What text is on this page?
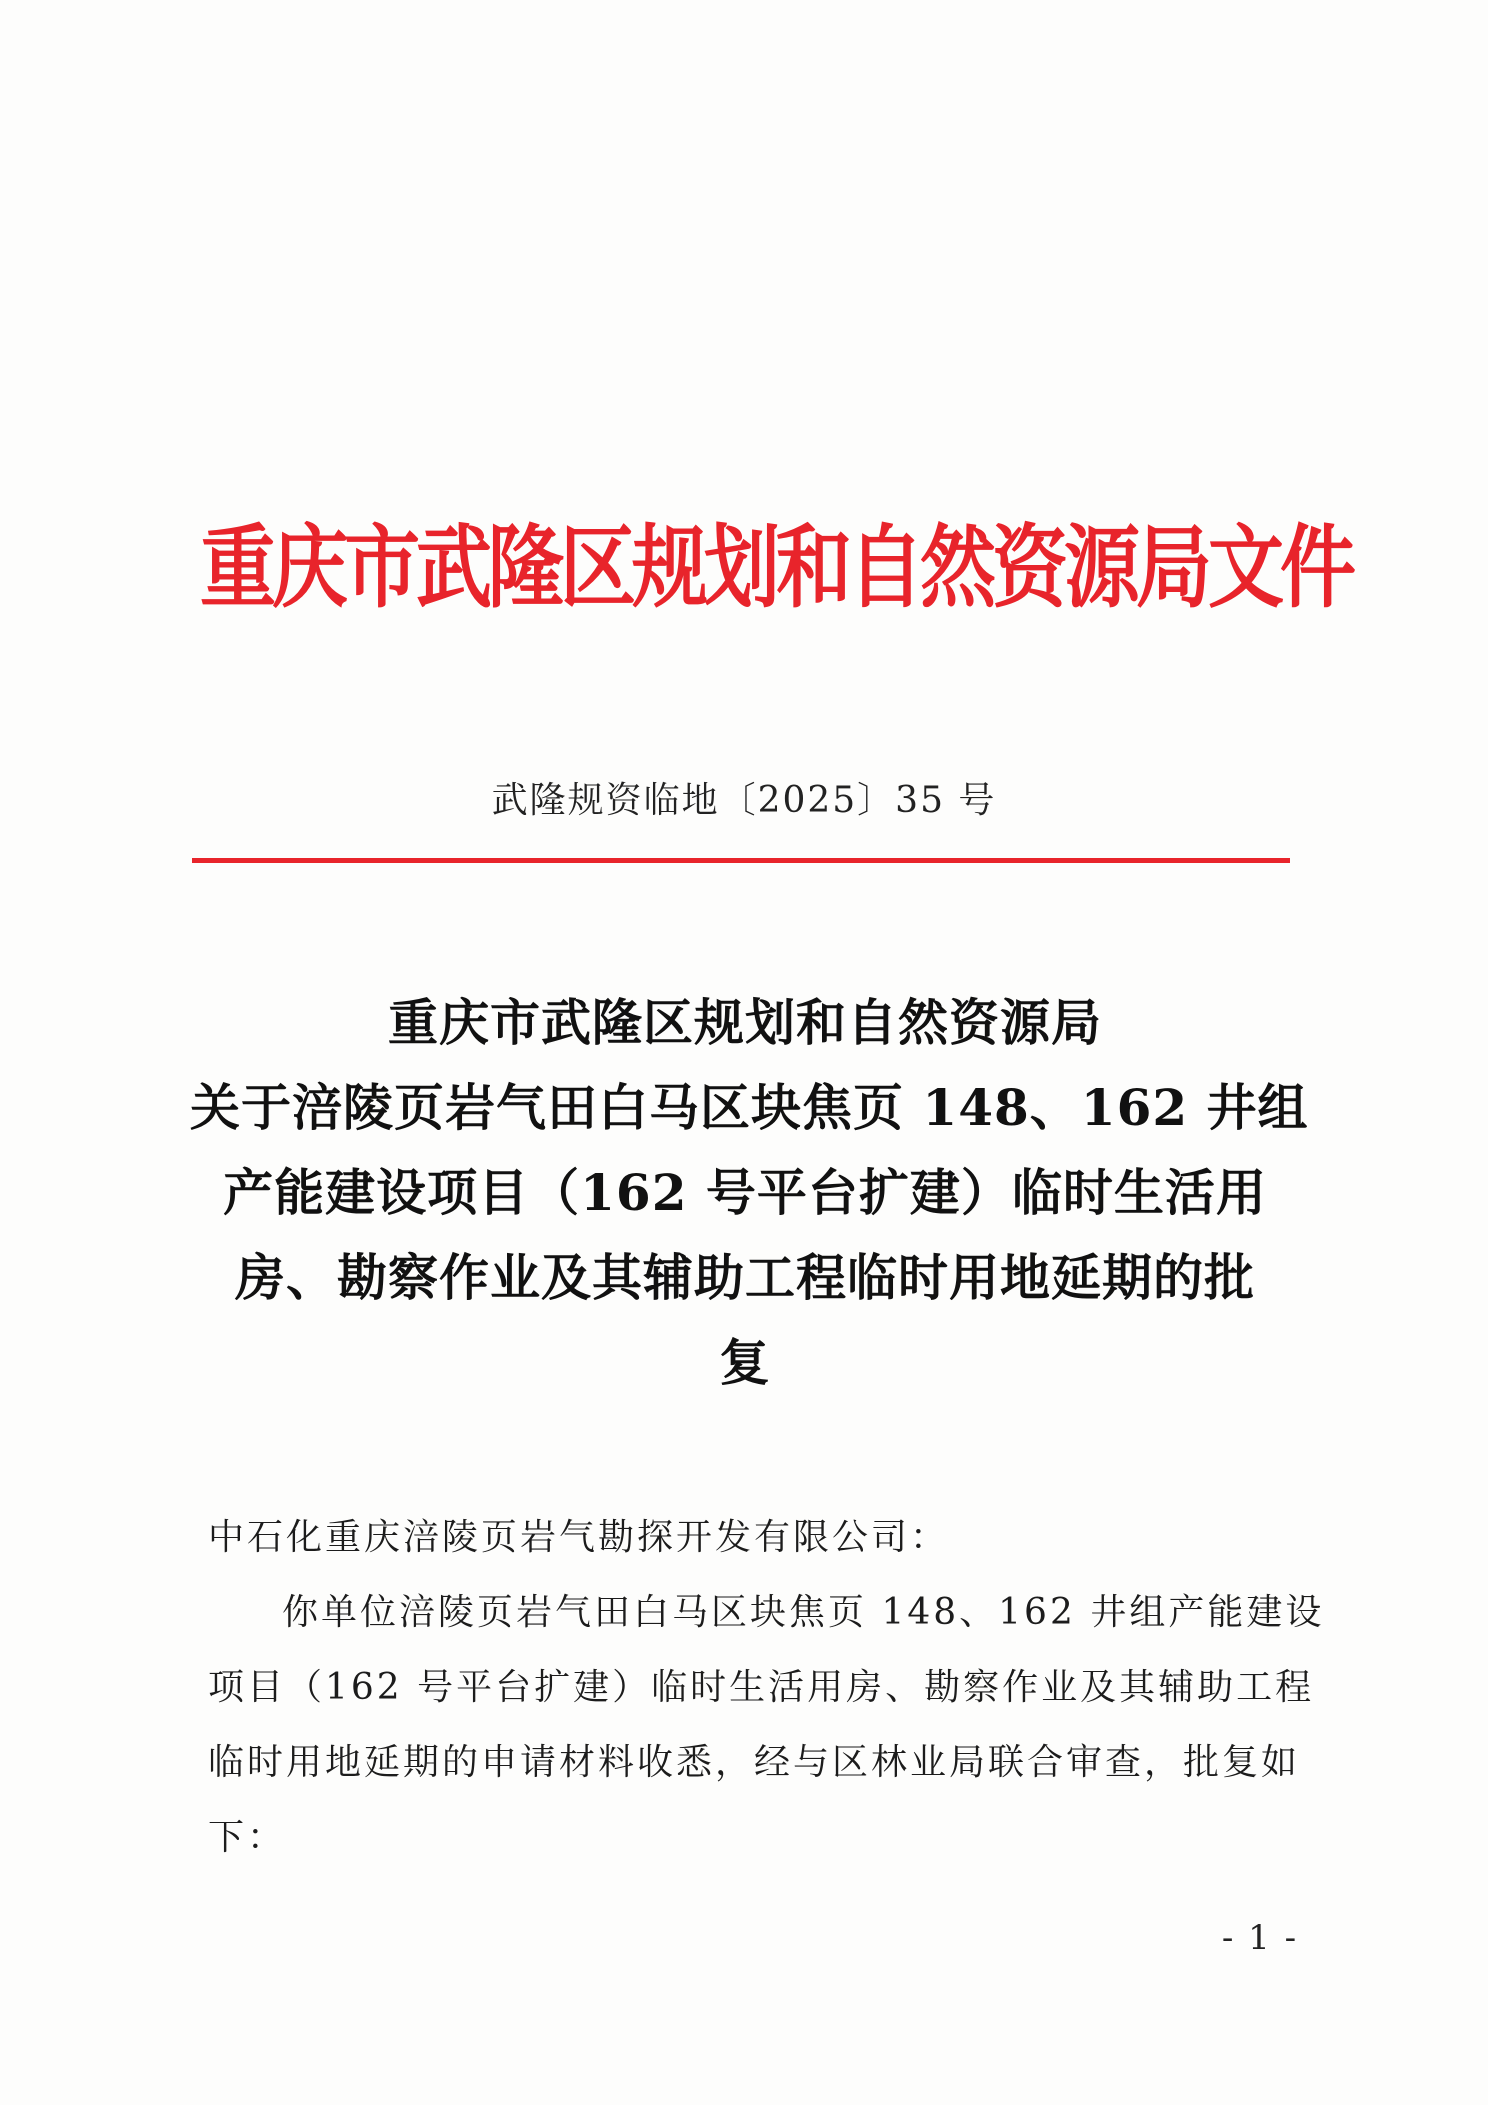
重庆市武隆区规划和自然资源局文件
武隆规资临地〔2025〕35 号
重庆市武隆区规划和自然资源局
关于涪陵页岩气田白马区块焦页 148、162 井组
产能建设项目（162 号平台扩建）临时生活用
房、勘察作业及其辅助工程临时用地延期的批
复
中石化重庆涪陵页岩气勘探开发有限公司：
你单位涪陵页岩气田白马区块焦页 148、162 井组产能建设
项目（162 号平台扩建）临时生活用房、勘察作业及其辅助工程
临时用地延期的申请材料收悉，经与区林业局联合审查，批复如
下：
- 1 -
